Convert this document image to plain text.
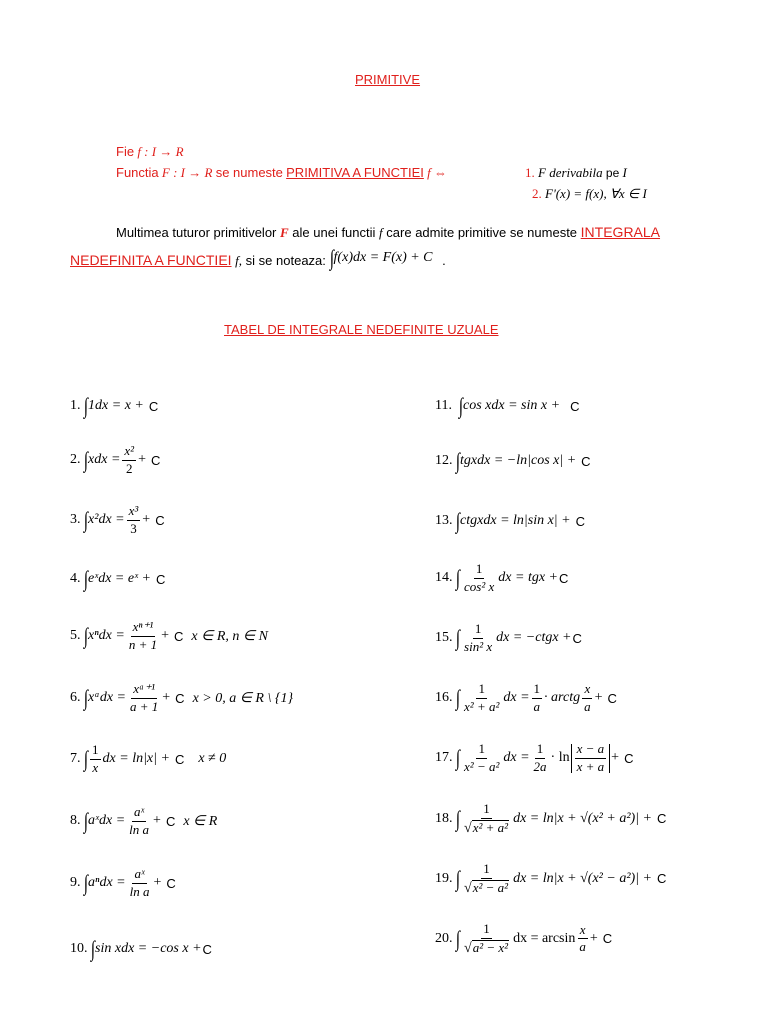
PRIMITIVE
Fie f : I → R
Functia F : I → R se numeste PRIMITIVA A FUNCTIEI f ⇔	1. F derivabila pe I
2. F'(x) = f(x), ∀x ∈ I
Multimea tuturor primitivelor F ale unei functii f care admite primitive se numeste INTEGRALA
NEDEFINITA A FUNCTIEI f, si se noteaza: ∫ f(x)dx = F(x) + C .
TABEL DE INTEGRALE NEDEFINITE UZUALE
1.
∫ 1dx = x + C
2.
∫ xdx = $\frac{\text{x²}}{2} + C$
3.
∫ $x^2dx = \frac{\text{x³}}{3} + C$
4.
∫ eˣdx = eˣ + C
5.
∫ $x^ndx = \frac{\text{xⁿ⁺¹}}{n + 1} + C$ x ∈ R, n ∈ N
6.
∫ xᵃdx = $\frac{\text{xᵃ⁺¹}}{a + 1} + C$ x > 0, a ∈ R \ {1}
7.
∫ $\frac{1}{x}$ dx = ln|x| + C x ≠ 0
8.
∫ aˣdx = $\frac{\text{aˣ}}{\text{ln a}} + C$ x ∈ R
9.
∫ $a^ndx = \frac{\text{aˣ}}{\text{ln a}} + C$
10.
∫ sin xdx = −cos x + C
11.
∫ cos xdx = sin x + C
12.
∫ tgxdx = −ln|cos x| + C
13.
∫ ctgxdx = ln|sin x| + C
14.
∫ $\frac{1}{\text{cos² x}}$ dx = tgx + C
15.
∫ $\frac{1}{\text{sin² x}}$ dx = −ctgx + C
16.
∫ $\frac{1}{\text{x² + a²}}$ dx = $\frac{1}{a}$ · arctg $\frac{x}{a} + C$
17.
∫ $\frac{1}{\text{x² − a²}}$ dx = $\frac{1}{2a} \cdot \ln \frac{x - a}{x + a} + C$
18.
∫ $\frac{1}{\text{√ x² + a²}}$ dx = ln|x + √(x² + a²)| + C
19.
∫ $\frac{1}{\text{√ x² − a²}}$ dx = ln|x + √(x² − a²)| + C
20.
∫ $\frac{1}{\text{√ a² − x²}}$ dx = $\arcsin \frac{x}{a} + C$
